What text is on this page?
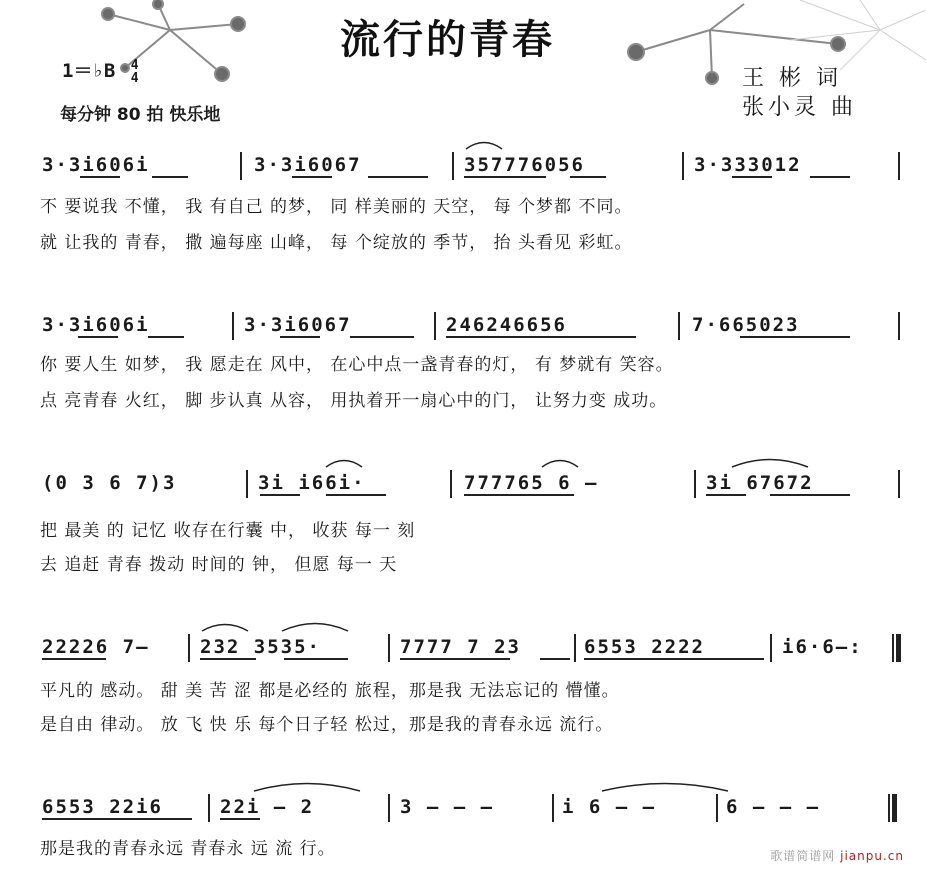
流行的青春
1＝♭B 4
4
每分钟 80 拍 快乐地
王 彬 词
张小灵 曲
3·3i606i	3·3i6067	357776056	3·333012
不 要说我 不懂， 我 有自己 的梦， 同 样美丽的 天空， 每 个梦都 不同。
就 让我的 青春， 撒 遍每座 山峰， 每 个绽放的 季节， 抬 头看见 彩虹。
3·3i606i	3·3i6067	246246656	7·665023
你 要人生 如梦， 我 愿走在 风中， 在心中点一盏青春的灯， 有 梦就有 笑容。
点 亮青春 火红， 脚 步认真 从容， 用执着开一扇心中的门， 让努力变 成功。
(0 3 6 7)3	3i i66i·	777765 6 –	3i 67672
把 最美 的 记忆 收存在行囊 中， 收获 每一 刻
去 追赶 青春 拨动 时间的 钟， 但愿 每一 天
22226 7–	232 3535·	7777 7 23	6553 2222	i6·6–:
平凡的 感动。 甜 美 苦 涩 都是必经的 旅程，那是我 无法忘记的 懵懂。
是自由 律动。 放 飞 快 乐 每个日子轻 松过，那是我的青春永远 流行。
6553 22i6	22i – 2	3 – – –	i 6 – –	6 – – –
那是我的青春永远 青春永 远 流 行。	歌谱简谱网 jianpu.cn
